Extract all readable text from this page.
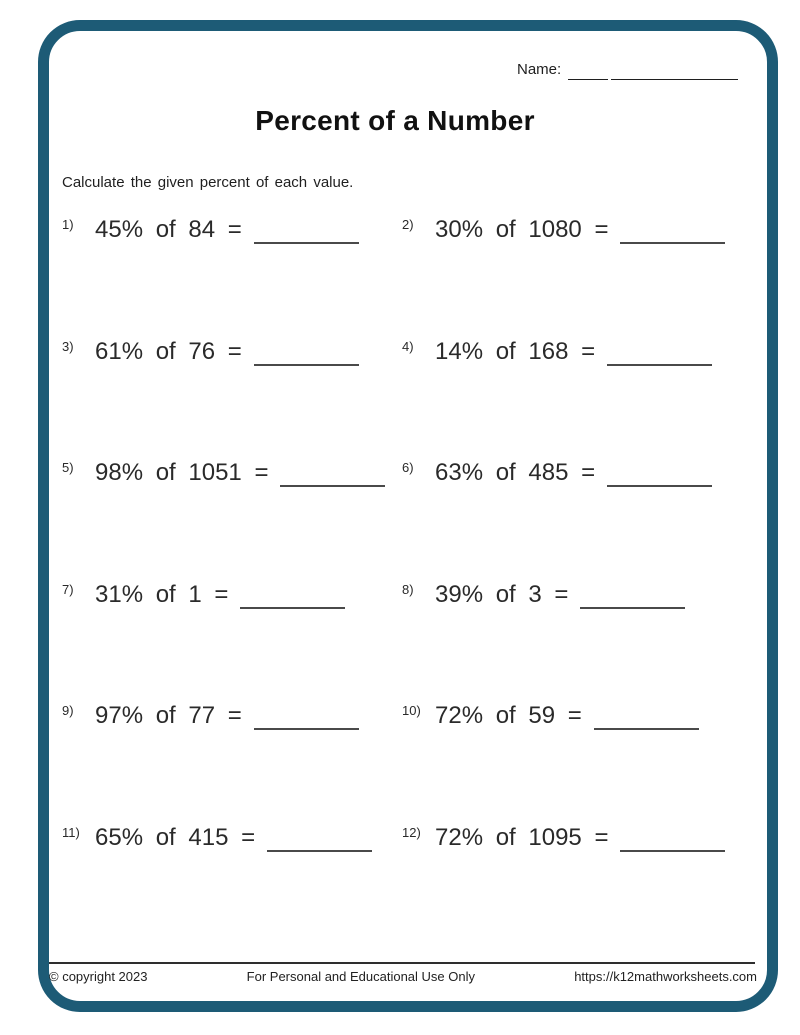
Name:
Percent of a Number
Calculate the given percent of each value.
1) 45% of 84 =	2) 30% of 1080 =
3) 61% of 76 =	4) 14% of 168 =
5) 98% of 1051 =	6) 63% of 485 =
7) 31% of 1 =	8) 39% of 3 =
9) 97% of 77 =	10) 72% of 59 =
11) 65% of 415 =	12) 72% of 1095 =
© copyright 2023	For Personal and Educational Use Only	https://k12mathworksheets.com
